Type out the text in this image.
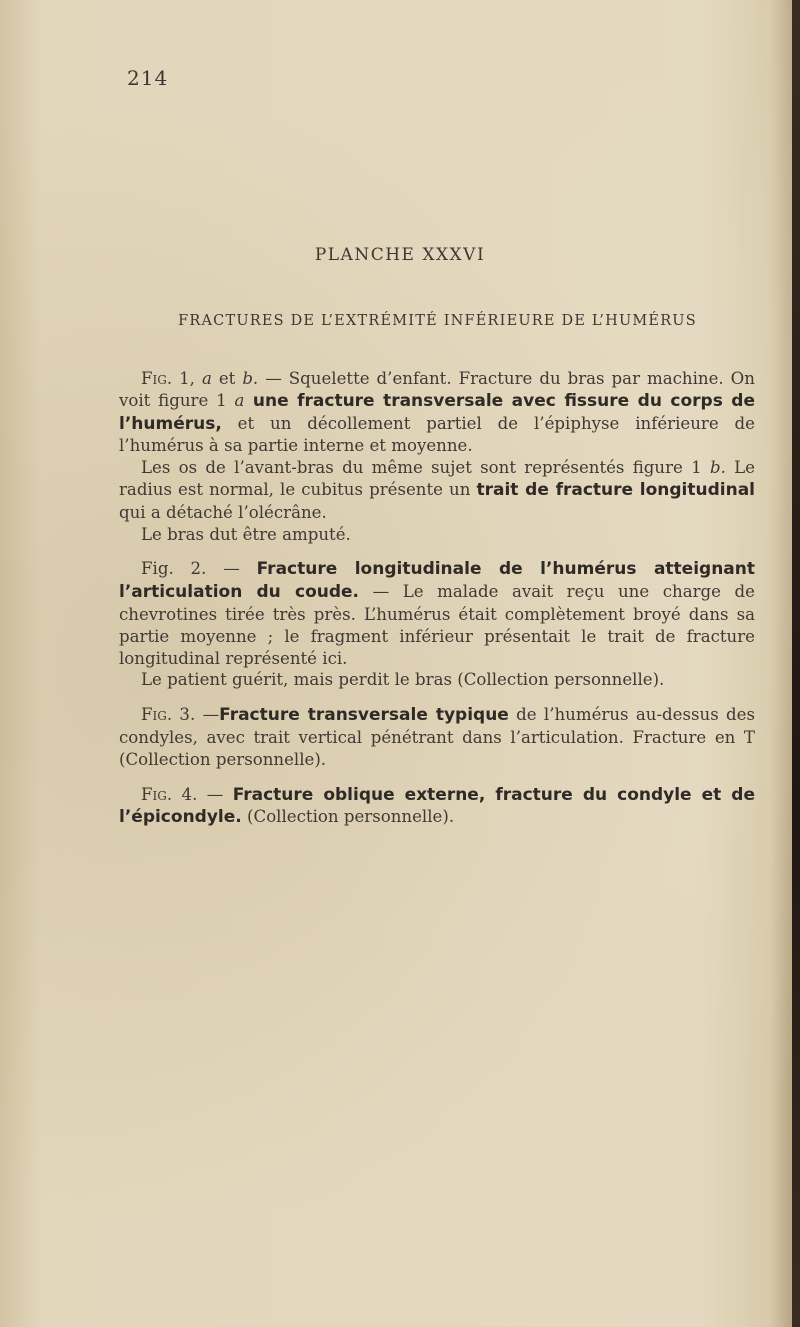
214
PLANCHE XXXVI
FRACTURES DE L’EXTRÉMITÉ INFÉRIEURE DE L’HUMÉRUS

Fig. 1, a et b. — Squelette d’enfant. Fracture du bras par machine. On voit figure 1 a une fracture transversale avec fissure du corps de l’humérus, et un décollement partiel de l’épiphyse inférieure de l’humérus à sa partie interne et moyenne.

Les os de l’avant-bras du même sujet sont représentés figure 1 b. Le radius est normal, le cubitus présente un trait de fracture longitudinal qui a détaché l’olécrâne.

Le bras dut être amputé.

Fig. 2. — Fracture longitudinale de l’humérus atteignant l’articulation du coude. — Le malade avait reçu une charge de chevrotines tirée très près. L’humérus était complètement broyé dans sa partie moyenne ; le fragment inférieur présentait le trait de fracture longitudinal représenté ici.

Le patient guérit, mais perdit le bras (Collection personnelle).

Fig. 3. —Fracture transversale typique de l’humérus au-dessus des condyles, avec trait vertical pénétrant dans l’articulation. Fracture en T (Collection personnelle).

Fig. 4. — Fracture oblique externe, fracture du condyle et de l’épicondyle. (Collection personnelle).
